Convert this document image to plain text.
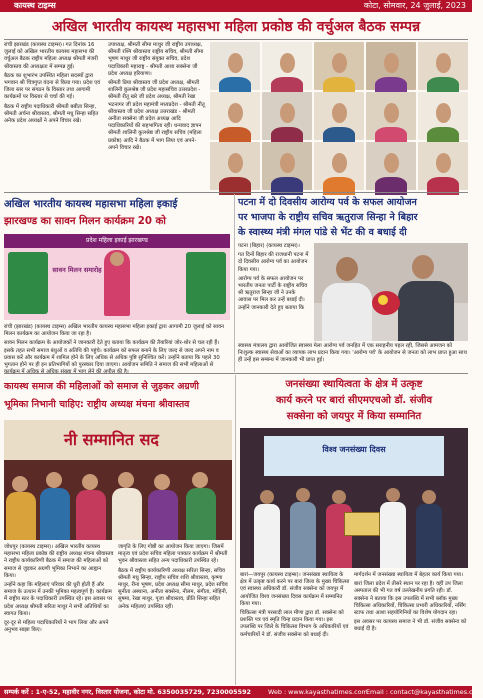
कायस्थ टाइम्स	कोटा, सोमवार, 24 जुलाई, 2023
अखिल भारतीय कायस्थ महासभा महिला प्रकोष्ठ की वर्चुअल बैठक सम्पन्न

रांची झारखंड (कायस्थ टाइम्स)। गत दिनांक 16 जुलाई को अखिल भारतीय कायस्थ महासभा की वर्चुअल बैठक राष्ट्रीय महिला अध्यक्ष श्रीमती मंजरी श्रीवास्तव की अध्यक्षता में सम्पन्न हुई।

बैठक का शुभारंभ उपस्थित महिला सदस्यों द्वारा भगवान श्री चित्रगुप्त वंदना से किया गया। प्रदेश एवं जिला स्तर पर संगठन के विस्तार तथा आगामी कार्यक्रमों पर विस्तार से चर्चा की गई।

बैठक में राष्ट्रीय पदाधिकारी श्रीमती बबीता सिन्हा, श्रीमती अर्चना श्रीवास्तव, श्रीमती मधु सिन्हा सहित अनेक प्रदेश अध्यक्षों ने अपने विचार रखे।

उपाध्यक्ष, श्रीमती सीमा माथुर जी राष्ट्रीय उपाध्यक्ष, श्रीमती रश्मि श्रीवास्तव राष्ट्रीय सचिव, श्रीमती सीमा भूषण माथुर जी राष्ट्रीय संयुक्त सचिव, प्रदेश पदाधिकारी महाराष्ट्र - श्रीमती आशा सक्सेना जी प्रदेश अध्यक्ष हरियाणा।

श्रीमती प्रिया श्रीवास्तव जी प्रदेश अध्यक्ष, श्रीमती शालिनी कुलश्रेष्ठ जी प्रदेश महासचिव उत्तरप्रदेश - श्रीमती रीतू खरे जी प्रदेश अध्यक्ष, श्रीमती रेखा भटनागर जी प्रदेश महामंत्री मध्यप्रदेश - श्रीमती नीतू श्रीवास्तव जी प्रदेश अध्यक्ष उत्तराखंड - श्रीमती अनीता सक्सेना जी प्रदेश अध्यक्ष आदि पदाधिकारियों की सहभागिता रही। धन्यवाद ज्ञापन श्रीमती शालिनी कुलश्रेष्ठ जी राष्ट्रीय सचिव (महिला प्रकोष्ठ) आदि ने बैठक में भाग लिया एवं अपने-अपने विचार रखे।

अखिल भारतीय कायस्थ महासभा महिला इकाई
झारखण्ड का सावन मिलन कार्यक्रम 20 को
सावन मिलन समारोह
प्रदेश महिला इकाई झारखण्ड

रांची (झारखंड) (कायस्थ टाइम्स) अखिल भारतीय कायस्थ महासभा महिला इकाई द्वारा आगामी 20 जुलाई को सावन मिलन कार्यक्रम का आयोजन किया जा रहा है।

सावन मिलन कार्यक्रम के आयोजकों ने जानकारी देते हुए बताया कि कार्यक्रम की तैयारियां जोर-शोर से चल रही हैं। इसके तहत सभी समाज बंधुओं व अतिथि की पहुंचे। कार्यक्रम को सफल बनाने के लिए जल्द से जल्द अपने नाम व प्रयास करें और कार्यक्रम में शामिल होने के लिए अधिक से अधिक पुष्टि सुनिश्चित करें। उन्होंने बताया कि पहले 30 भुगतान होने पर ही इन प्रतिभागियों को पुरस्कार दिया जाएगा। आयोजन समिति ने समाज की सभी महिलाओं से

पटना में दो दिवसीय आरोग्य पर्व के सफल आयोजन
पर भाजपा के राष्ट्रीय सचिव ऋतुराज सिन्हा ने बिहार
के स्वास्थ्य मंत्री मंगल पांडे से भेंट की व बधाई दी

पटना (बिहार) (कायस्थ टाइम्स)।

गत दिनों बिहार की राजधानी पटना में दो दिवसीय आरोग्य पर्व का आयोजन किया गया।

आरोग्य पर्व के सफल आयोजन पर भारतीय जनता पार्टी के राष्ट्रीय सचिव श्री ऋतुराज सिन्हा जी ने उनके आवास पर मिल कर उन्हें बधाई दी। उन्होंने जानकारी देते हुए बताया कि

स्वास्थ्य मंत्रालय द्वारा आयोजित स्वास्थ्य मेला आरोग्य पर्व जनहित में एक सराहनीय पहल रही, जिससे आमजन को निःशुल्क स्वास्थ्य सेवाओं का व्यापक लाभ प्रदान किया गया। 'आरोग्य पर्व' के आयोजन से जनता को लाभ प्राप्त हुआ साथ ही उन्हें इस सम्बन्ध में जानकारी भी प्राप्त हुई।

कायस्थ समाज की महिलाओं को समाज से जुड़कर अग्रणी
भूमिका निभानी चाहिए: राष्ट्रीय अध्यक्ष मंचना श्रीवास्तव
नी सम्मानित सद

जोधपुर (कायस्थ टाइम्स)। अखिल भारतीय कायस्थ महासभा महिला प्रकोष्ठ की राष्ट्रीय अध्यक्ष मंचना श्रीवास्तव ने राष्ट्रीय कार्यकारिणी बैठक में समाज की महिलाओं को समाज से जुड़कर अग्रणी भूमिका निभाने का आह्वान किया।

उन्होंने कहा कि महिलाएं परिवार की धुरी होती हैं और समाज के उत्थान में उनकी भूमिका महत्वपूर्ण है। कार्यक्रम में राष्ट्रीय स्तर के पदाधिकारी उपस्थित रहे। इस अवसर पर प्रदेश अध्यक्ष श्रीमती सरिता माथुर ने सभी अतिथियों का स्वागत किया।

दूर-दूर से महिला पदाधिकारियों ने भाग लिया और अपने अनुभव साझा किए।

जागृति के लिए गोष्ठी का आयोजन किया जाएगा। जिसमें मातृत्व एवं प्रदेश सचिव महिला पत्रकार कार्यक्रम में श्रीमती भुवन श्रीवास्तव सहित अन्य पदाधिकारी उपस्थित रहे।

बैठक में राष्ट्रीय कार्यकारिणी अध्यक्ष सरिता सिन्हा, सचिव श्रीमती मधु सिन्हा, राष्ट्रीय सचिव शशि श्रीवास्तव, कृष्णा माथुर, रीना भूषण, प्रदेश अध्यक्ष सीमा माथुर, प्रदेश सचिव सुनीता अस्थाना, अनीता सक्सेना, नीलम, संगीता, मोहिनी, सुषमा, रेखा माथुर, पूजा श्रीवास्तव, प्रीति सिन्हा सहित अनेक महिलाएं उपस्थित रहीं।

जनसंख्या स्थायित्वता के क्षेत्र में उत्कृष्ट
कार्य करने पर बारां सीएमएचओ डॉ. संजीव
सक्सेना को जयपुर में किया सम्मानित
विश्व जनसंख्या दिवस

बारां—जयपुर (कायस्थ टाइम्स)। जनसंख्या स्थायित्व के क्षेत्र में उत्कृष्ट कार्य करने पर बारां जिला के मुख्य चिकित्सा एवं स्वास्थ्य अधिकारी डॉ. संजीव सक्सेना को जयपुर में आयोजित विश्व जनसंख्या दिवस कार्यक्रम में सम्मानित किया गया।

चिकित्सा मंत्री परसादी लाल मीणा द्वारा डॉ. सक्सेना को प्रशस्ति पत्र एवं स्मृति चिन्ह प्रदान किया गया। इस उपलब्धि पर जिले के चिकित्सा विभाग के अधिकारियों एवं कर्मचारियों ने डॉ. संजीव सक्सेना को बधाई दी।

मार्गदर्शन में जनसंख्या स्थायित्व में बेहतर कार्य किया गया।

बारां जिला प्रदेश में तीसरे स्थान पर रहा है। वहीं उप जिला अस्पताल की भी गत वर्ष उल्लेखनीय प्रगति रही। डॉ. सक्सेना ने बताया कि इस उपलब्धि में सभी ब्लॉक मुख्य चिकित्सा अधिकारियों, चिकित्सा प्रभारी अधिकारियों, नर्सिंग स्टाफ तथा आशा सहयोगिनियों का विशेष योगदान रहा।

इस अवसर पर कायस्थ समाज ने भी डॉ. संजीव सक्सेना को बधाई दी है।

सम्पर्क करें : 1-ए-52, महावीर नगर, विस्तार योजना, कोटा मो. 6350035729, 7230005592	Web : www.kayasthatimes.com
Email : contact@kayasthatimes.com
